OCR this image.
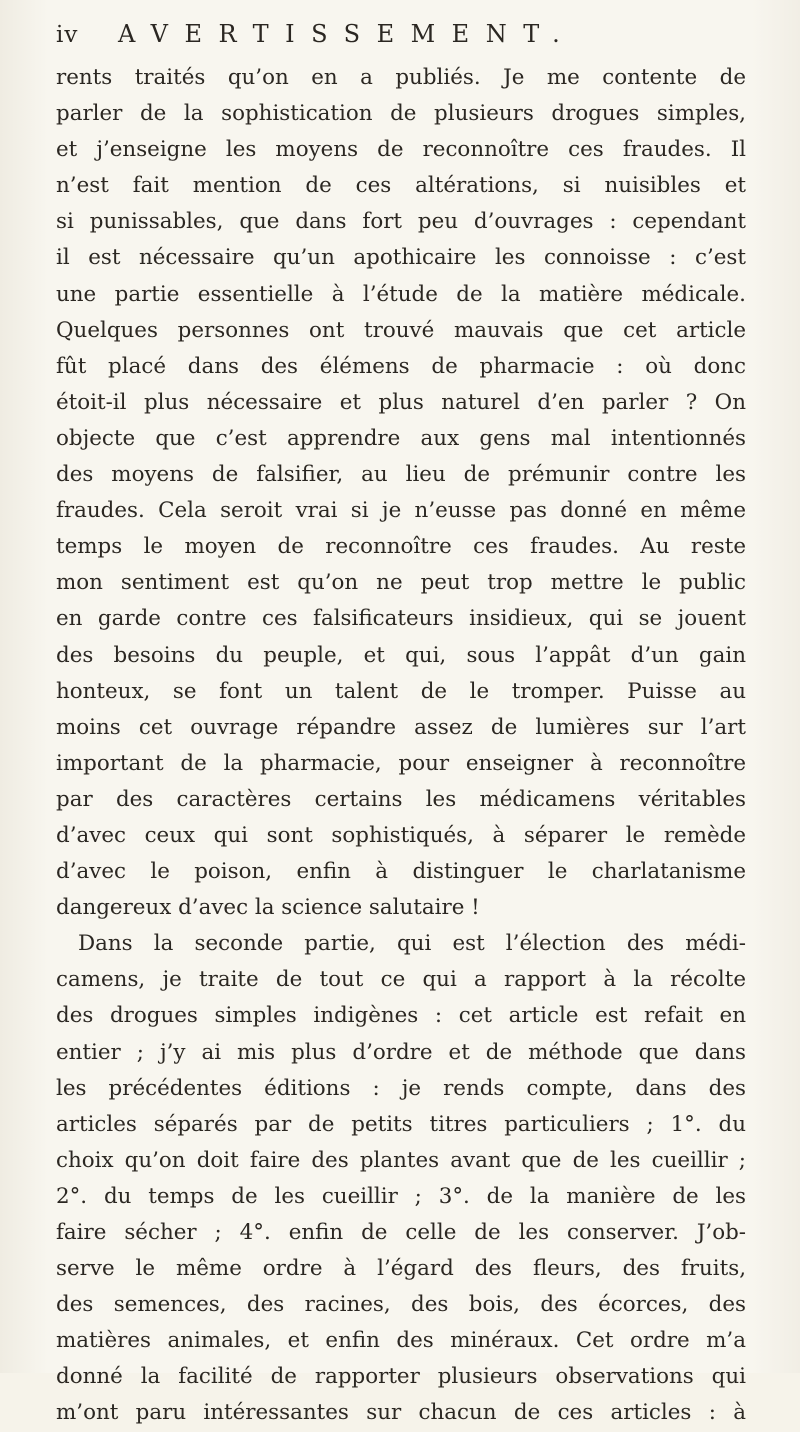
iv AVERTISSEMENT.
rents traités qu’on en a publiés. Je me contente de
parler de la sophistication de plusieurs drogues simples,
et j’enseigne les moyens de reconnoître ces fraudes. Il
n’est fait mention de ces altérations, si nuisibles et
si punissables, que dans fort peu d’ouvrages : cependant
il est nécessaire qu’un apothicaire les connoisse : c’est
une partie essentielle à l’étude de la matière médicale.
Quelques personnes ont trouvé mauvais que cet article
fût placé dans des élémens de pharmacie : où donc
étoit-il plus nécessaire et plus naturel d’en parler ? On
objecte que c’est apprendre aux gens mal intentionnés
des moyens de falsifier, au lieu de prémunir contre les
fraudes. Cela seroit vrai si je n’eusse pas donné en même
temps le moyen de reconnoître ces fraudes. Au reste
mon sentiment est qu’on ne peut trop mettre le public
en garde contre ces falsificateurs insidieux, qui se jouent
des besoins du peuple, et qui, sous l’appât d’un gain
honteux, se font un talent de le tromper. Puisse au
moins cet ouvrage répandre assez de lumières sur l’art
important de la pharmacie, pour enseigner à reconnoître
par des caractères certains les médicamens véritables
d’avec ceux qui sont sophistiqués, à séparer le remède
d’avec le poison, enfin à distinguer le charlatanisme
dangereux d’avec la science salutaire !
Dans la seconde partie, qui est l’élection des médi-
camens, je traite de tout ce qui a rapport à la récolte
des drogues simples indigènes : cet article est refait en
entier ; j’y ai mis plus d’ordre et de méthode que dans
les précédentes éditions : je rends compte, dans des
articles séparés par de petits titres particuliers ; 1°. du
choix qu’on doit faire des plantes avant que de les cueillir ;
2°. du temps de les cueillir ; 3°. de la manière de les
faire sécher ; 4°. enfin de celle de les conserver. J’ob-
serve le même ordre à l’égard des fleurs, des fruits,
des semences, des racines, des bois, des écorces, des
matières animales, et enfin des minéraux. Cet ordre m’a
donné la facilité de rapporter plusieurs observations qui
m’ont paru intéressantes sur chacun de ces articles : à
